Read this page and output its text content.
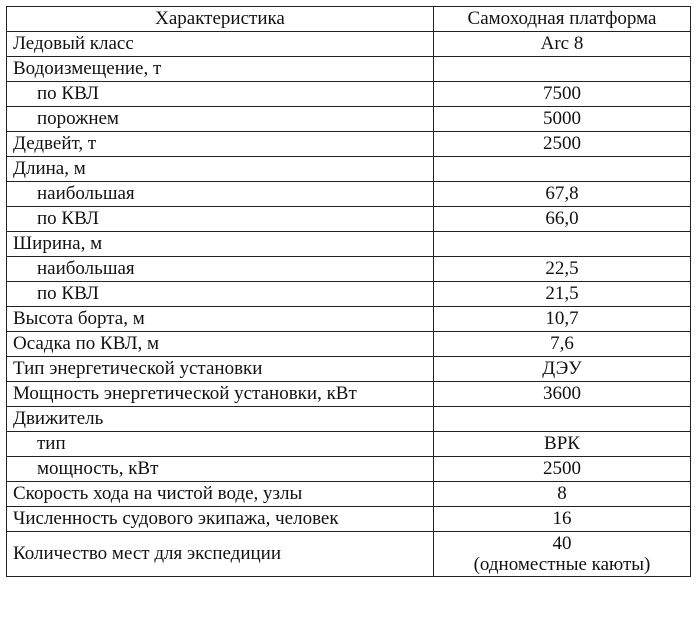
Характеристика	Самоходная платформа
Ледовый класс	Arc 8
Водоизмещение, т	
по КВЛ	7500
порожнем	5000
Дедвейт, т	2500
Длина, м	
наибольшая	67,8
по КВЛ	66,0
Ширина, м	
наибольшая	22,5
по КВЛ	21,5
Высота борта, м	10,7
Осадка по КВЛ, м	7,6
Тип энергетической установки	ДЭУ
Мощность энергетической установки, кВт	3600
Движитель	
тип	ВРК
мощность, кВт	2500
Скорость хода на чистой воде, узлы	8
Численность судового экипажа, человек	16
Количество мест для экспедиции	40
(одноместные каюты)
